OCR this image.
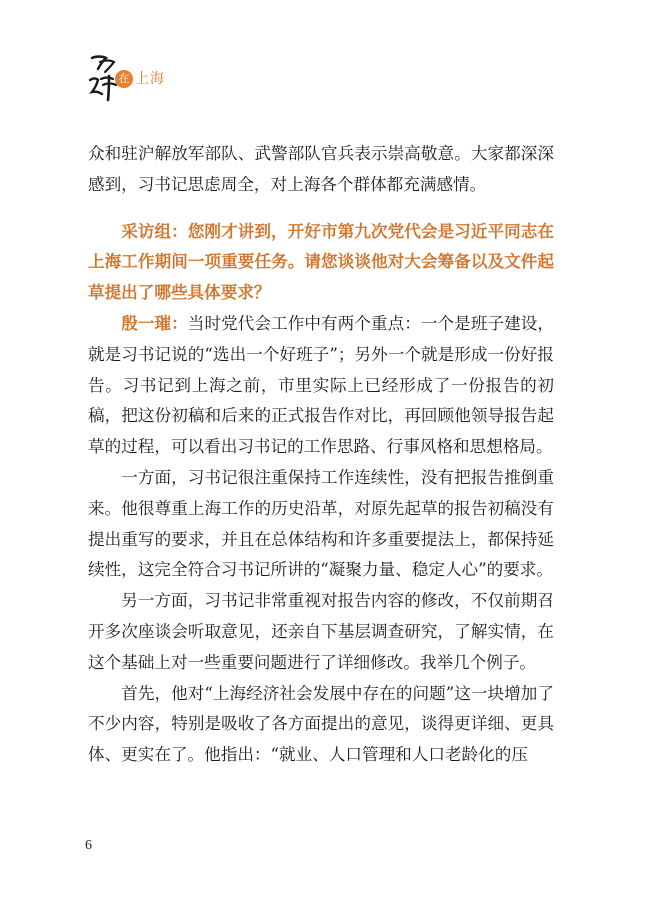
在 上海

众和驻沪解放军部队、武警部队官兵表示崇高敬意。大家都深深感到，习书记思虑周全，对上海各个群体都充满感情。

采访组：您刚才讲到，开好市第九次党代会是习近平同志在上海工作期间一项重要任务。请您谈谈他对大会筹备以及文件起草提出了哪些具体要求？

殷一璀：当时党代会工作中有两个重点：一个是班子建设，就是习书记说的“选出一个好班子”；另外一个就是形成一份好报告。习书记到上海之前，市里实际上已经形成了一份报告的初稿，把这份初稿和后来的正式报告作对比，再回顾他领导报告起草的过程，可以看出习书记的工作思路、行事风格和思想格局。

一方面，习书记很注重保持工作连续性，没有把报告推倒重来。他很尊重上海工作的历史沿革，对原先起草的报告初稿没有提出重写的要求，并且在总体结构和许多重要提法上，都保持延续性，这完全符合习书记所讲的“凝聚力量、稳定人心”的要求。

另一方面，习书记非常重视对报告内容的修改，不仅前期召开多次座谈会听取意见，还亲自下基层调查研究，了解实情，在这个基础上对一些重要问题进行了详细修改。我举几个例子。

首先，他对“上海经济社会发展中存在的问题”这一块增加了不少内容，特别是吸收了各方面提出的意见，谈得更详细、更具体、更实在了。他指出：“就业、人口管理和人口老龄化的压

6
